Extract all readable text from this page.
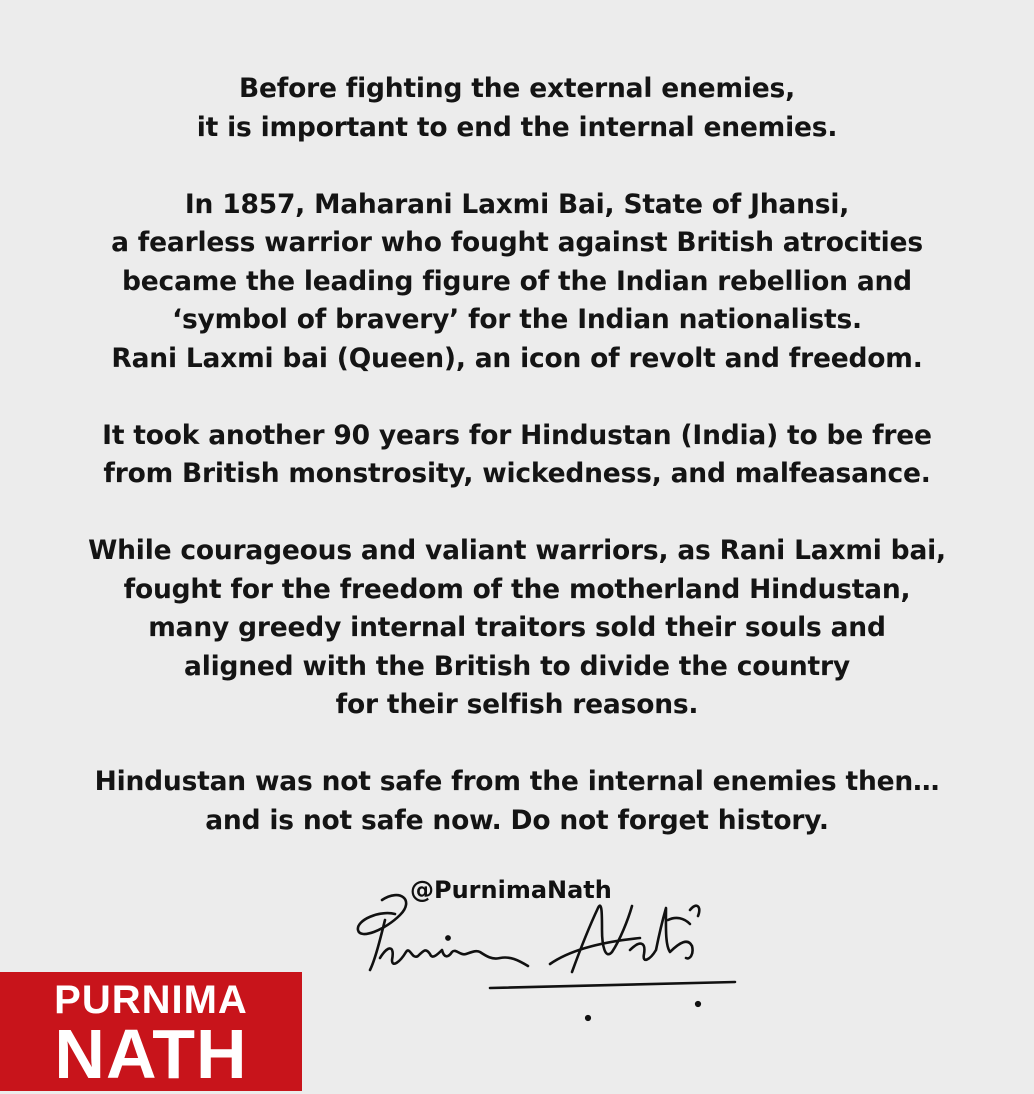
Before fighting the external enemies,
it is important to end the internal enemies.
In 1857, Maharani Laxmi Bai, State of Jhansi,
a fearless warrior who fought against British atrocities
became the leading figure of the Indian rebellion and
‘symbol of bravery’ for the Indian nationalists.
Rani Laxmi bai (Queen), an icon of revolt and freedom.
It took another 90 years for Hindustan (India) to be free
from British monstrosity, wickedness, and malfeasance.
While courageous and valiant warriors, as Rani Laxmi bai,
fought for the freedom of the motherland Hindustan,
many greedy internal traitors sold their souls and
aligned with the British to divide the country
for their selfish reasons.
Hindustan was not safe from the internal enemies then…
and is not safe now. Do not forget history.
@PurnimaNath
PURNIMA
NATH
